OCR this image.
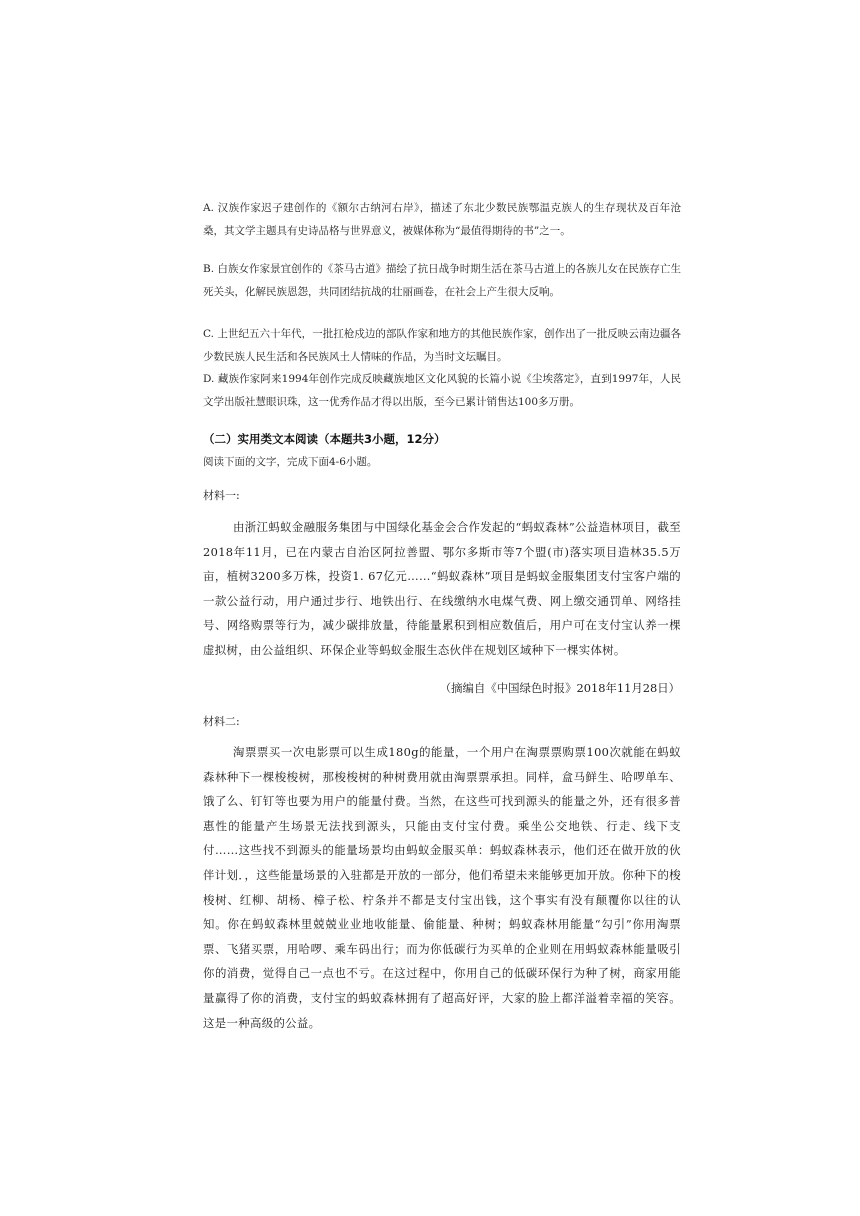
A. 汉族作家迟子建创作的《额尔古纳河右岸》，描述了东北少数民族鄂温克族人的生存现状及百年沧桑，其文学主题具有史诗品格与世界意义，被媒体称为“最值得期待的书”之一。

B. 白族女作家景宜创作的《茶马古道》描绘了抗日战争时期生活在茶马古道上的各族儿女在民族存亡生死关头，化解民族恩怨，共同团结抗战的壮丽画卷，在社会上产生很大反响。

C. 上世纪五六十年代，一批扛枪戍边的部队作家和地方的其他民族作家，创作出了一批反映云南边疆各少数民族人民生活和各民族风土人情味的作品，为当时文坛瞩目。

D. 藏族作家阿来1994年创作完成反映藏族地区文化风貌的长篇小说《尘埃落定》，直到1997年，人民文学出版社慧眼识珠，这一优秀作品才得以出版，至今已累计销售达100多万册。

（二）实用类文本阅读（本题共3小题，12分）
阅读下面的文字，完成下面4-6小题。
材料一:

由浙江蚂蚁金融服务集团与中国绿化基金会合作发起的“蚂蚁森林”公益造林项目，截至2018年11月，已在内蒙古自治区阿拉善盟、鄂尔多斯市等7个盟(市)落实项目造林35.5万亩，植树3200多万株，投资1. 67亿元……“蚂蚁森林”项目是蚂蚁金服集团支付宝客户端的一款公益行动，用户通过步行、地铁出行、在线缴纳水电煤气费、网上缴交通罚单、网络挂号、网络购票等行为，减少碳排放量，待能量累积到相应数值后，用户可在支付宝认养一棵虚拟树，由公益组织、环保企业等蚂蚁金服生态伙伴在规划区域种下一棵实体树。

（摘编自《中国绿色时报》2018年11月28日）
材料二:

淘票票买一次电影票可以生成180g的能量，一个用户在淘票票购票100次就能在蚂蚁森林种下一棵梭梭树，那梭梭树的种树费用就由淘票票承担。同样，盒马鲜生、哈啰单车、饿了么、钉钉等也要为用户的能量付费。当然，在这些可找到源头的能量之外，还有很多普惠性的能量产生场景无法找到源头，只能由支付宝付费。乘坐公交地铁、行走、线下支付……这些找不到源头的能量场景均由蚂蚁金服买单：蚂蚁森林表示，他们还在做开放的伙伴计划．，这些能量场景的入驻都是开放的一部分，他们希望未来能够更加开放。你种下的梭梭树、红柳、胡杨、樟子松、柠条并不都是支付宝出钱，这个事实有没有颠覆你以往的认知。你在蚂蚁森林里兢兢业业地收能量、偷能量、种树；蚂蚁森林用能量“勾引”你用淘票票、飞猪买票，用哈啰、乘车码出行；而为你低碳行为买单的企业则在用蚂蚁森林能量吸引你的消费，觉得自己一点也不亏。在这过程中，你用自己的低碳环保行为种了树，商家用能量赢得了你的消费，支付宝的蚂蚁森林拥有了超高好评，大家的脸上都洋溢着幸福的笑容。这是一种高级的公益。
